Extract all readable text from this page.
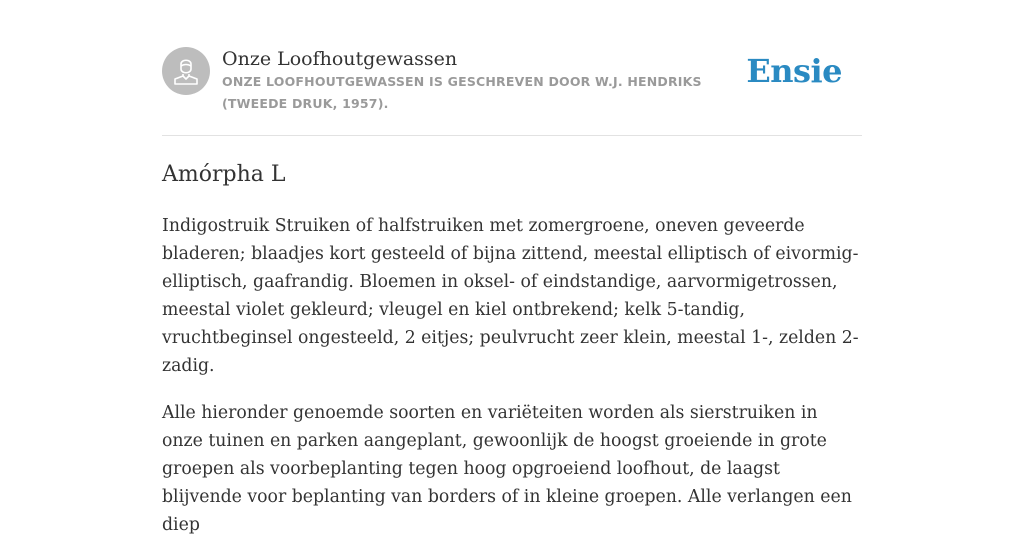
Onze Loofhoutgewassen
ONZE LOOFHOUTGEWASSEN IS GESCHREVEN DOOR W.J. HENDRIKS (TWEEDE DRUK, 1957).
Ensie
Amórpha L

Indigostruik Struiken of halfstruiken met zomergroene, oneven geveerde bladeren; blaadjes kort gesteeld of bijna zittend, meestal elliptisch of eivormig-elliptisch, gaafrandig. Bloemen in oksel- of eindstandige, aarvormigetrossen, meestal violet gekleurd; vleugel en kiel ontbrekend; kelk 5-tandig, vruchtbeginsel ongesteeld, 2 eitjes; peulvrucht zeer klein, meestal 1-, zelden 2-zadig.

Alle hieronder genoemde soorten en variëteiten worden als sierstruiken in onze tuinen en parken aangeplant, gewoonlijk de hoogst groeiende in grote groepen als voorbeplanting tegen hoog opgroeiend loofhout, de laagst blijvende voor beplanting van borders of in kleine groepen. Alle verlangen een diep
